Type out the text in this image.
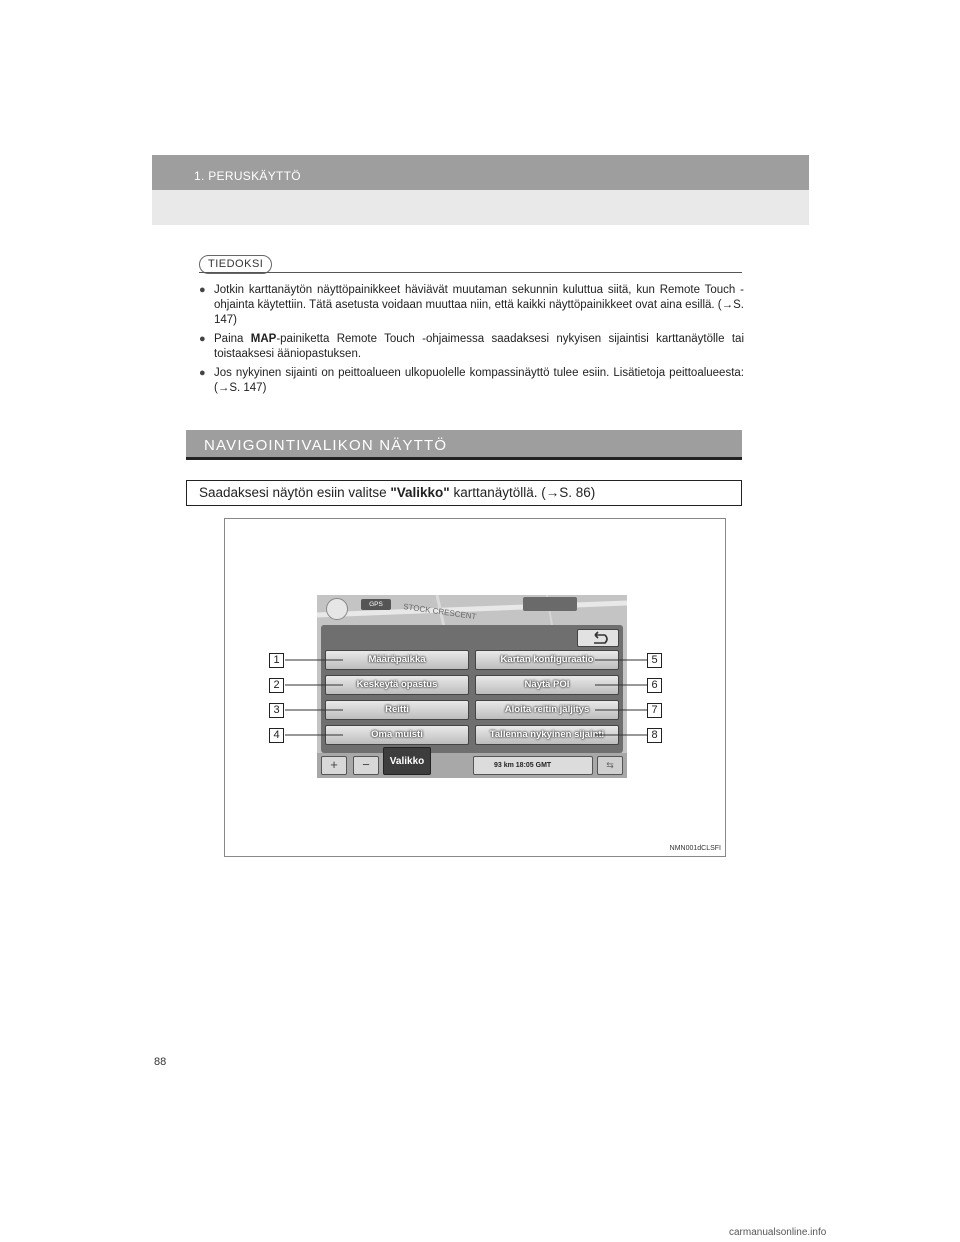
1. PERUSKÄYTTÖ
TIEDOKSI
● Jotkin karttanäytön näyttöpainikkeet häviävät muutaman sekunnin kuluttua siitä, kun Remote Touch -ohjainta käytettiin. Tätä asetusta voidaan muuttaa niin, että kaikki näyttöpainikkeet ovat aina esillä. (→S. 147)
● Paina MAP-painiketta Remote Touch -ohjaimessa saadaksesi nykyisen sijaintisi karttanäytölle tai toistaaksesi ääniopastuksen.
● Jos nykyinen sijainti on peittoalueen ulkopuolelle kompassinäyttö tulee esiin. Lisätietoja peittoalueesta: (→S. 147)
NAVIGOINTIVALIKON NÄYTTÖ
Saadaksesi näytön esiin valitse "Valikko" karttanäytöllä. (→S. 86)
STOCK CRESCENT
GPS
Määräpaikka
Keskeytä opastus
Reitti
Oma muisti
Kartan konfiguraatio
Näytä POI
Aloita reitin jäljitys
Tallenna nykyinen sijainti
+	−	Valikko	93 km 18:05 GMT	⇆
1
2
3
4
5
6
7
8
NMN001dCLSFI
88
carmanualsonline.info
